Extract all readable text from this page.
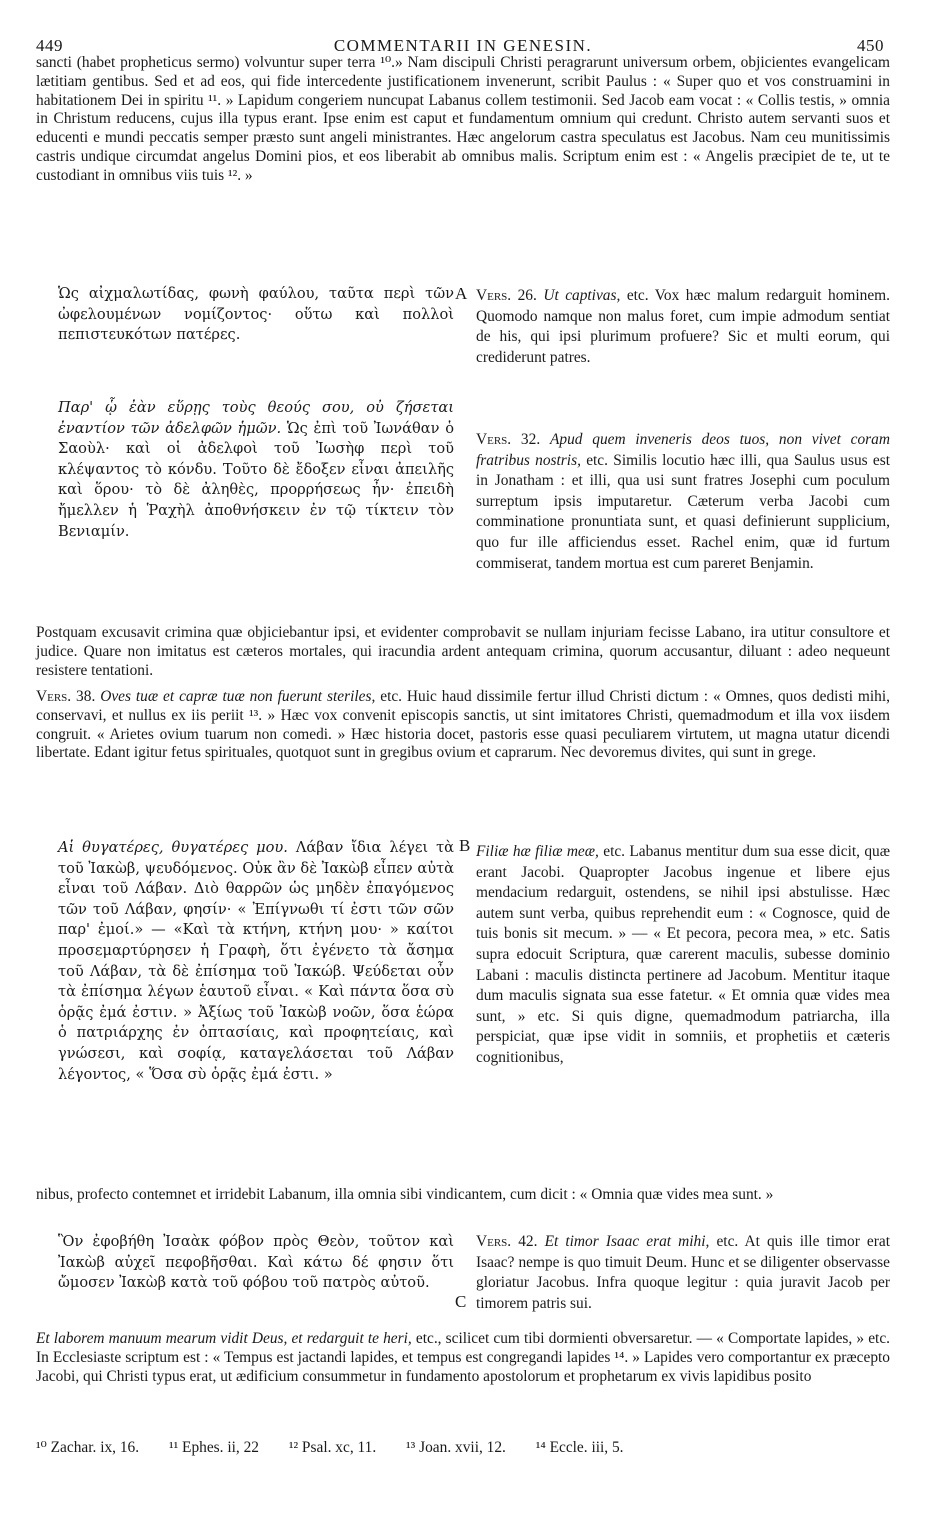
449	COMMENTARII IN GENESIN.	450

sancti (habet propheticus sermo) volvuntur super terra ¹⁰.» Nam discipuli Christi peragrarunt universum orbem, objicientes evangelicam lætitiam gentibus. Sed et ad eos, qui fide intercedente justificationem invenerunt, scribit Paulus : « Super quo et vos construamini in habitationem Dei in spiritu ¹¹. » Lapidum congeriem nuncupat Labanus collem testimonii. Sed Jacob eam vocat : « Collis testis, » omnia in Christum reducens, cujus illa typus erant. Ipse enim est caput et fundamentum omnium qui credunt. Christo autem servanti suos et educenti e mundi peccatis semper præsto sunt angeli ministrantes. Hæc angelorum castra speculatus est Jacobus. Nam ceu munitissimis castris undique circumdat angelus Domini pios, et eos liberabit ab omnibus malis. Scriptum enim est : « Angelis præcipiet de te, ut te custodiant in omnibus viis tuis ¹². »

Ὡς αἰχμαλωτίδας, φωνὴ φαύλου, ταῦτα περὶ τῶν ὠφελουμένων νομίζοντος· οὕτω καὶ πολλοὶ πεπιστευκότων πατέρες.

A Vers. 26. Ut captivas, etc. Vox hæc malum redarguit hominem. Quomodo namque non malus foret, cum impie admodum sentiat de his, qui ipsi plurimum profuere? Sic et multi eorum, qui crediderunt patres.

Παρ' ᾧ ἐὰν εὕρῃς τοὺς θεούς σου, οὐ ζήσεται ἐναντίον τῶν ἀδελφῶν ἡμῶν. Ὡς ἐπὶ τοῦ Ἰωνάθαν ὁ Σαοὺλ· καὶ οἱ ἀδελφοὶ τοῦ Ἰωσὴφ περὶ τοῦ κλέψαντος τὸ κόνδυ. Τοῦτο δὲ ἔδοξεν εἶναι ἀπειλῆς καὶ ὅρου· τὸ δὲ ἀληθὲς, προρρήσεως ἦν· ἐπειδὴ ἤμελλεν ἡ Ῥαχὴλ ἀποθνήσκειν ἐν τῷ τίκτειν τὸν Βενιαμίν.

Vers. 32. Apud quem inveneris deos tuos, non vivet coram fratribus nostris, etc. Similis locutio hæc illi, qua Saulus usus est in Jonatham : et illi, qua usi sunt fratres Josephi cum poculum surreptum ipsis imputaretur. Cæterum verba Jacobi cum comminatione pronuntiata sunt, et quasi definierunt supplicium, quo fur ille afficiendus esset. Rachel enim, quæ id furtum commiserat, tandem mortua est cum pareret Benjamin.

Postquam excusavit crimina quæ objiciebantur ipsi, et evidenter comprobavit se nullam injuriam fecisse Labano, ira utitur consultore et judice. Quare non imitatus est cæteros mortales, qui iracundia ardent antequam crimina, quorum accusantur, diluant : adeo nequeunt resistere tentationi.

Vers. 38. Oves tuæ et capræ tuæ non fuerunt steriles, etc. Huic haud dissimile fertur illud Christi dictum : « Omnes, quos dedisti mihi, conservavi, et nullus ex iis periit ¹³. » Hæc vox convenit episcopis sanctis, ut sint imitatores Christi, quemadmodum et illa vox iisdem congruit. « Arietes ovium tuarum non comedi. » Hæc historia docet, pastoris esse quasi peculiarem virtutem, ut magna utatur dicendi libertate. Edant igitur fetus spirituales, quotquot sunt in gregibus ovium et caprarum. Nec devoremus divites, qui sunt in grege.

Αἱ θυγατέρες, θυγατέρες μου. Λάβαν ἴδια λέγει τὰ τοῦ Ἰακὼβ, ψευδόμενος. Οὐκ ἂν δὲ Ἰακὼβ εἶπεν αὐτὰ εἶναι τοῦ Λάβαν. Διὸ θαρρῶν ὡς μηδὲν ἐπαγόμενος τῶν τοῦ Λάβαν, φησίν· « Ἐπίγνωθι τί ἐστι τῶν σῶν παρ' ἐμοί.» — «Καὶ τὰ κτήνη, κτήνη μου· » καίτοι προσεμαρτύρησεν ἡ Γραφὴ, ὅτι ἐγένετο τὰ ἄσημα τοῦ Λάβαν, τὰ δὲ ἐπίσημα τοῦ Ἰακώβ. Ψεύδεται οὖν τὰ ἐπίσημα λέγων ἑαυτοῦ εἶναι. « Καὶ πάντα ὅσα σὺ ὁρᾷς ἐμά ἐστιν. » Ἀξίως τοῦ Ἰακὼβ νοῶν, ὅσα ἑώρα ὁ πατριάρχης ἐν ὀπτασίαις, καὶ προφητείαις, καὶ γνώσεσι, καὶ σοφίᾳ, καταγελάσεται τοῦ Λάβαν λέγοντος, « Ὅσα σὺ ὁρᾷς ἐμά ἐστι. »

B Filiæ hæ filiæ meæ, etc. Labanus mentitur dum sua esse dicit, quæ erant Jacobi. Quapropter Jacobus ingenue et libere ejus mendacium redarguit, ostendens, se nihil ipsi abstulisse. Hæc autem sunt verba, quibus reprehendit eum : « Cognosce, quid de tuis bonis sit mecum. » — « Et pecora, pecora mea, » etc. Satis supra edocuit Scriptura, quæ carerent maculis, subesse dominio Labani : maculis distincta pertinere ad Jacobum. Mentitur itaque dum maculis signata sua esse fatetur. « Et omnia quæ vides mea sunt, » etc. Si quis digne, quemadmodum patriarcha, illa perspiciat, quæ ipse vidit in somniis, et prophetiis et cæteris cognitionibus,

nibus, profecto contemnet et irridebit Labanum, illa omnia sibi vindicantem, cum dicit : « Omnia quæ vides mea sunt. »

Ὃν ἐφοβήθη Ἰσαὰκ φόβον πρὸς Θεὸν, τοῦτον καὶ Ἰακὼβ αὐχεῖ πεφοβῆσθαι. Καὶ κάτω δέ φησιν ὅτι ὤμοσεν Ἰακὼβ κατὰ τοῦ φόβου τοῦ πατρὸς αὐτοῦ.

Vers. 42. Et timor Isaac erat mihi, etc. At quis ille timor erat Isaac? nempe is quo timuit Deum. Hunc et se diligenter observasse gloriatur Jacobus. Infra quoque legitur : quia juravit Jacob per timorem patris sui.

C

Et laborem manuum mearum vidit Deus, et redarguit te heri, etc., scilicet cum tibi dormienti obversaretur. — « Comportate lapides, » etc. In Ecclesiaste scriptum est : « Tempus est jactandi lapides, et tempus est congregandi lapides ¹⁴. » Lapides vero comportantur ex præcepto Jacobi, qui Christi typus erat, ut ædificium consummetur in fundamento apostolorum et prophetarum ex vivis lapidibus posito

¹⁰ Zachar. ix, 16. ¹¹ Ephes. ii, 22 ¹² Psal. xc, 11. ¹³ Joan. xvii, 12. ¹⁴ Eccle. iii, 5.
